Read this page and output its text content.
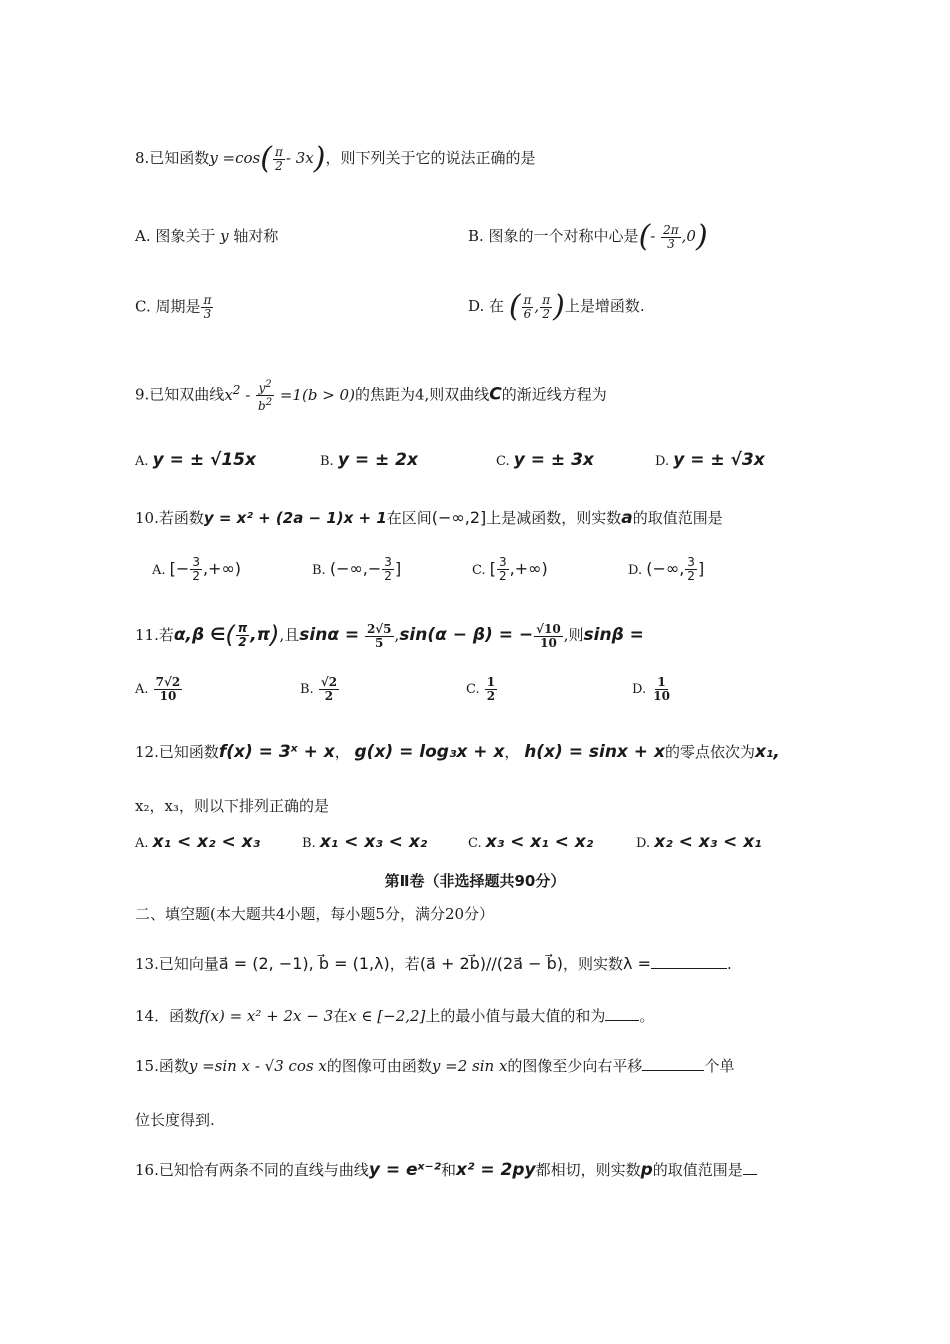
8.已知函数$y =\cos( \frac{\pi}{2} - 3x)$，则下列关于它的说法正确的是
A. 图象关于 y 轴对称	B. 图象的一个对称中心是(- $\frac{2\pi}{3} ,0$)
C. 周期是 $\frac{\pi}{3}$	D. 在 ( $\frac{\pi}{6}$ , $\frac{\pi}{2}$ )上是增函数.
9.已知双曲线$x^2 - \frac{y^2}{b^2} =1(b > 0)$的焦距为4,则双曲线C的渐近线方程为
A. y = ± √15x	B. y = ± 2x	C. y = ± 3x	D. y = ± √3x
10.若函数y = x² + (2a − 1)x + 1在区间(−∞,2]上是减函数，则实数a的取值范围是
A. [− $\frac{3}{2}$ ,+∞)	B. (−∞,− $\frac{3}{2}$ ]	C. [ $\frac{3}{2}$ ,+∞)	D. (−∞, $\frac{3}{2}$ ]
11.若α,β ∈( $\frac{\pi}{2} ,\pi$),且$\sin\alpha = \frac{2√5}{5} ,\sin(\alpha - \beta)$ = − $\frac{√10}{10}$ ,则sinβ =
A. $\frac{7√2}{10}$	B. $\frac{√2}{2}$	C. $\frac{1}{2}$	D. $\frac{1}{10}$
12.已知函数f(x) = 3ˣ + x， g(x) = log₃x + x， h(x) = sinx + x的零点依次为x₁,
x₂，x₃，则以下排列正确的是
A. x₁ < x₂ < x₃	B. x₁ < x₃ < x₂	C. x₃ < x₁ < x₂	D. x₂ < x₃ < x₁
第Ⅱ卷（非选择题共90分）
二、填空题(本大题共4小题，每小题5分，满分20分）
13.已知向量a⃗ = (2, −1), b⃗ = (1,λ)，若(a⃗ + 2b⃗)//(2a⃗ − b⃗)，则实数λ =	.
14．函数f(x) = x² + 2x − 3在x ∈ [−2,2]上的最小值与最大值的和为 。
15.函数y =sin x - √3 cos x的图像可由函数y =2 sin x的图像至少向右平移	个单
位长度得到.
16.已知恰有两条不同的直线与曲线y = eˣ⁻²和x² = 2py都相切，则实数p的取值范围是
